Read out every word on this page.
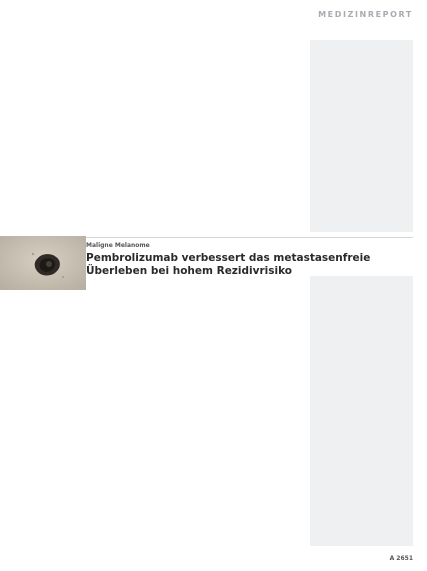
MEDIZINREPORT
Maligne Melanome
Pembrolizumab verbessert das metastasenfreie Überleben bei hohem Rezidivrisiko
A 2651
